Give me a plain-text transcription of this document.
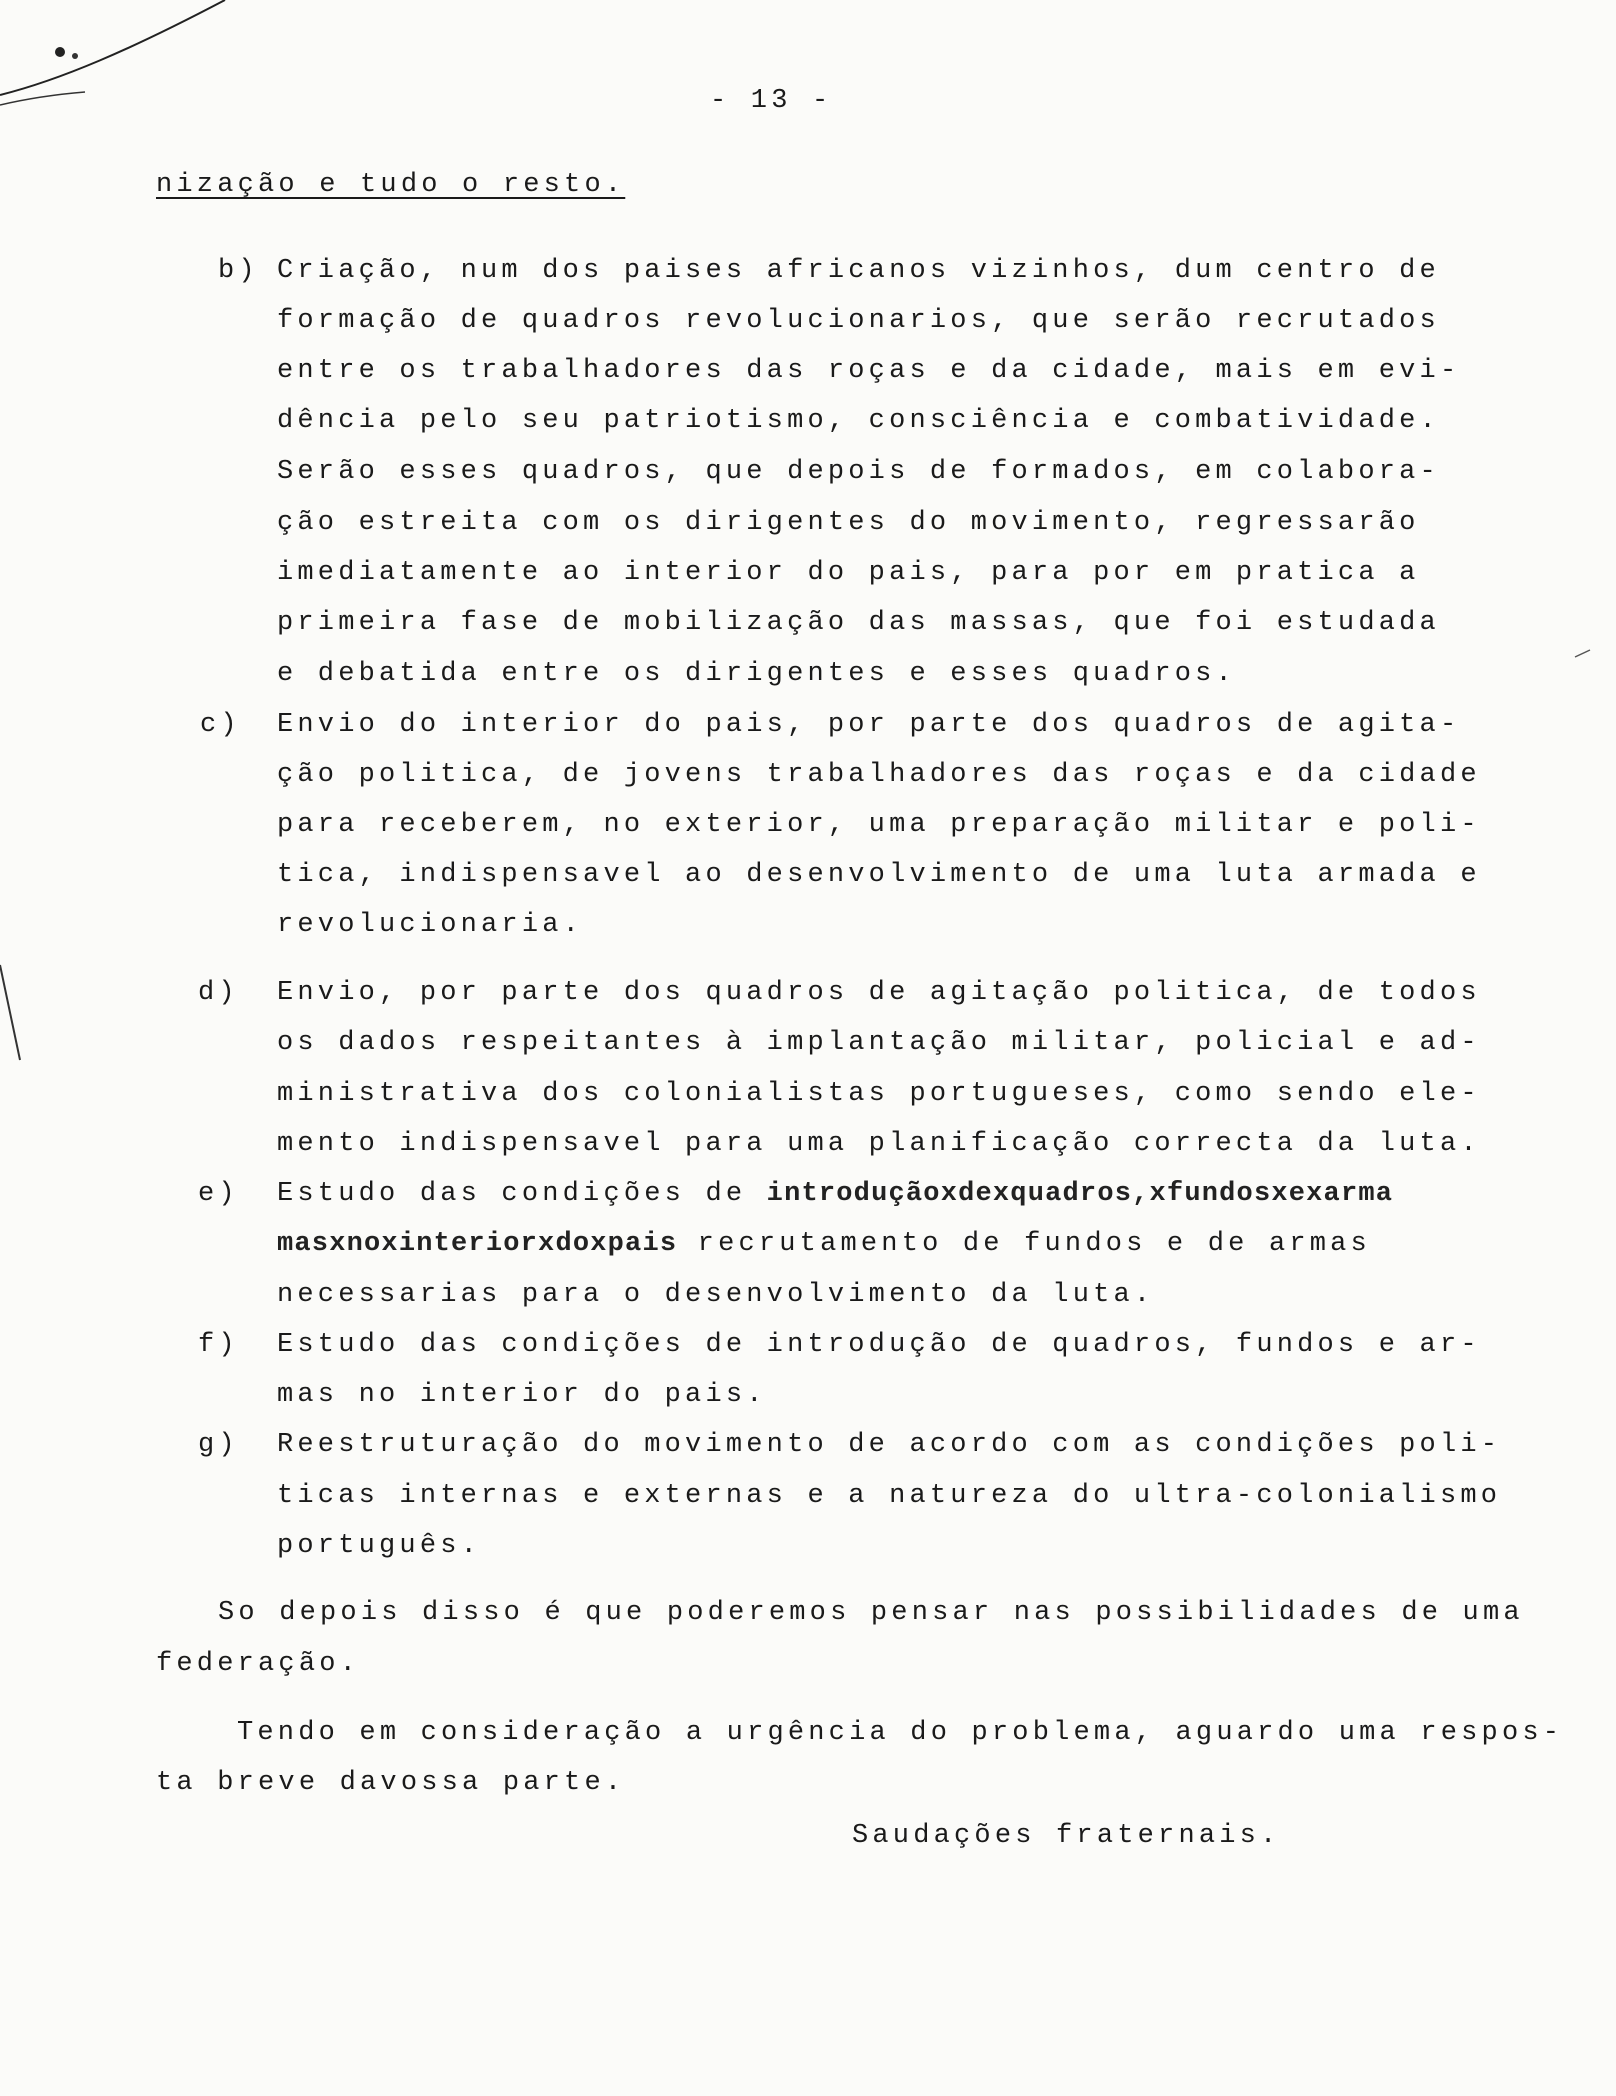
- 13 -
nização e tudo o resto.
b) Criação, num dos paises africanos vizinhos, dum centro de
formação de quadros revolucionarios, que serão recrutados
entre os trabalhadores das roças e da cidade, mais em evi-
dência pelo seu patriotismo, consciência e combatividade.
Serão esses quadros, que depois de formados, em colabora-
ção estreita com os dirigentes do movimento, regressarão
imediatamente ao interior do pais, para por em pratica a
primeira fase de mobilização das massas, que foi estudada
e debatida entre os dirigentes e esses quadros.
c) Envio do interior do pais, por parte dos quadros de agita-
ção politica, de jovens trabalhadores das roças e da cidade
para receberem, no exterior, uma preparação militar e poli-
tica, indispensavel ao desenvolvimento de uma luta armada e
revolucionaria.
d) Envio, por parte dos quadros de agitação politica, de todos
os dados respeitantes à implantação militar, policial e ad-
ministrativa dos colonialistas portugueses, como sendo ele-
mento indispensavel para uma planificação correcta da luta.
e) Estudo das condições de introduçãoxdexquadros,xfundosxexarma
masxnoxinteriorxdoxpais recrutamento de fundos e de armas
necessarias para o desenvolvimento da luta.
f) Estudo das condições de introdução de quadros, fundos e ar-
mas no interior do pais.
g) Reestruturação do movimento de acordo com as condições poli-
ticas internas e externas e a natureza do ultra-colonialismo
português.
So depois disso é que poderemos pensar nas possibilidades de uma
federação.
Tendo em consideração a urgência do problema, aguardo uma respos-
ta breve davossa parte.
Saudações fraternais.
